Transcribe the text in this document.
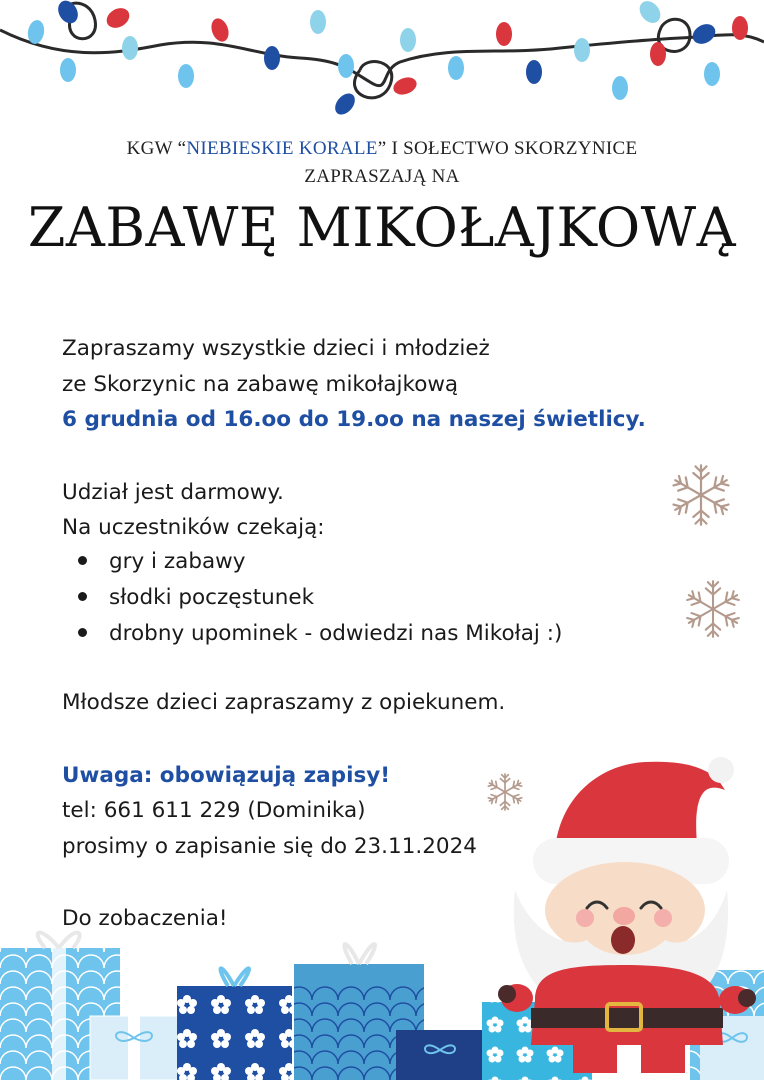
KGW “NIEBIESKIE KORALE” I SOŁECTWO SKORZYNICE
ZAPRASZAJĄ NA
ZABAWĘ MIKOŁAJKOWĄ
Zapraszamy wszystkie dzieci i młodzież
ze Skorzynic na zabawę mikołajkową
6 grudnia od 16.oo do 19.oo na naszej świetlicy.
Udział jest darmowy.
Na uczestników czekają:
gry i zabawy
słodki poczęstunek
drobny upominek - odwiedzi nas Mikołaj :)
Młodsze dzieci zapraszamy z opiekunem.
Uwaga: obowiązują zapisy!
tel: 661 611 229 (Dominika)
prosimy o zapisanie się do 23.11.2024
Do zobaczenia!
